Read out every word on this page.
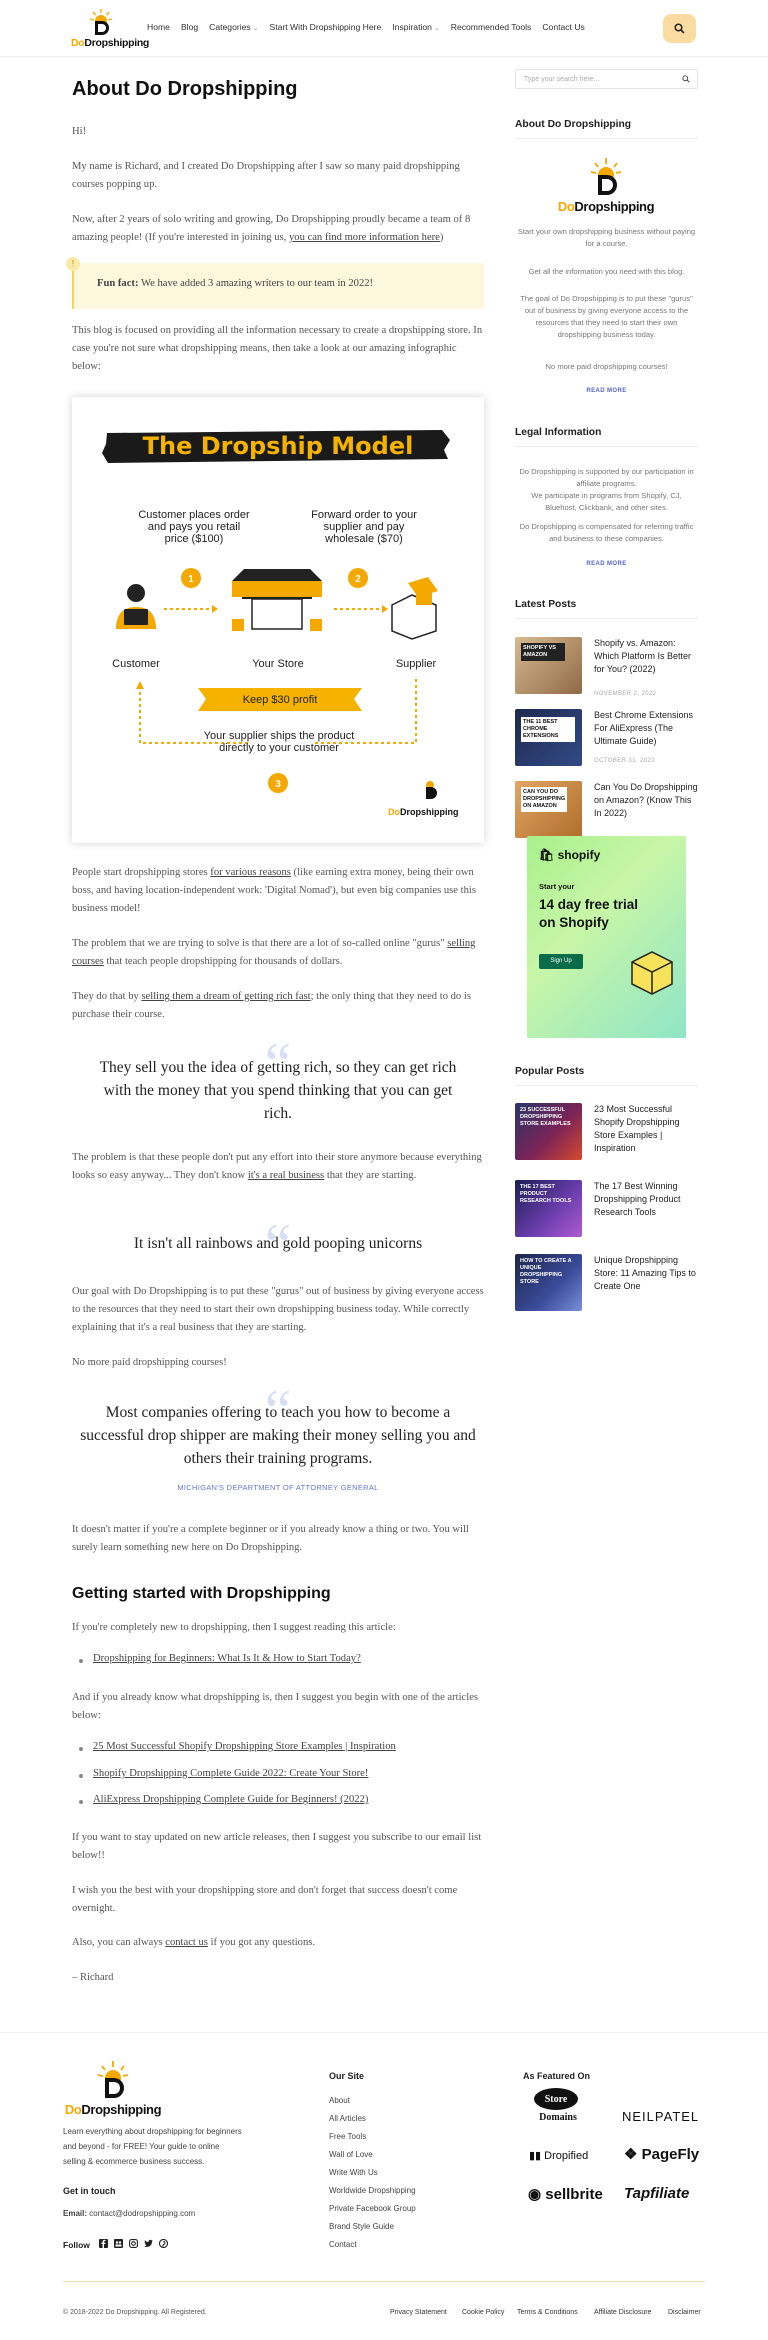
DoDropshipping
Home Blog Categories ⌄	Start With Dropshipping Here Inspiration ⌄	Recommended Tools Contact Us
About Do Dropshipping
Hi!
My name is Richard, and I created Do Dropshipping after I saw so many paid dropshipping courses popping up.
Now, after 2 years of solo writing and growing, Do Dropshipping proudly became a team of 8 amazing people! (If you're interested in joining us, you can find more information here)
!
Fun fact: We have added 3 amazing writers to our team in 2022!
This blog is focused on providing all the information necessary to create a dropshipping store. In case you're not sure what dropshipping means, then take a look at our amazing infographic below:
The Dropship Model
Customer places order
and pays you retail
price ($100)
Forward order to your
supplier and pay
wholesale ($70)
1	2
Customer	Your Store	Supplier
Keep $30 profit
Your supplier ships the product
directly to your customer
3
Do Dropshipping
People start dropshipping stores for various reasons (like earning extra money, being their own boss, and having location-independent work: 'Digital Nomad'), but even big companies use this business model!
The problem that we are trying to solve is that there are a lot of so-called online "gurus" selling courses that teach people dropshipping for thousands of dollars.
They do that by selling them a dream of getting rich fast; the only thing that they need to do is purchase their course.
“
They sell you the idea of getting rich, so they can get rich with the money that you spend thinking that you can get rich.
The problem is that these people don't put any effort into their store anymore because everything looks so easy anyway... They don't know it's a real business that they are starting.
“
It isn't all rainbows and gold pooping unicorns
Our goal with Do Dropshipping is to put these "gurus" out of business by giving everyone access to the resources that they need to start their own dropshipping business today. While correctly explaining that it's a real business that they are starting.
No more paid dropshipping courses!
“
Most companies offering to teach you how to become a successful drop shipper are making their money selling you and others their training programs.
MICHIGAN'S DEPARTMENT OF ATTORNEY GENERAL
It doesn't matter if you're a complete beginner or if you already know a thing or two. You will surely learn something new here on Do Dropshipping.
Getting started with Dropshipping
If you're completely new to dropshipping, then I suggest reading this article:
Dropshipping for Beginners: What Is It & How to Start Today?
And if you already know what dropshipping is, then I suggest you begin with one of the articles below:
25 Most Successful Shopify Dropshipping Store Examples | Inspiration
Shopify Dropshipping Complete Guide 2022: Create Your Store!
AliExpress Dropshipping Complete Guide for Beginners! (2022)
If you want to stay updated on new article releases, then I suggest you subscribe to our email list below!!
I wish you the best with your dropshipping store and don't forget that success doesn't come overnight.
Also, you can always contact us if you got any questions.
– Richard
Type your search here...
About Do Dropshipping
DoDropshipping
Start your own dropshipping business without paying for a course.
Get all the information you need with this blog.
The goal of Do Dropshipping is to put these "gurus" out of business by giving everyone access to the resources that they need to start their own dropshipping business today.
No more paid dropshipping courses!
READ MORE
Legal Information
Do Dropshipping is supported by our participation in affiliate programs.
We participate in programs from Shopify, CJ, Bluehost, Clickbank, and other sites.
Do Dropshipping is compensated for referring traffic and business to these companies.
READ MORE
Latest Posts
SHOPIFY VS AMAZON
Shopify vs. Amazon: Which Platform Is Better for You? (2022)
NOVEMBER 2, 2022
THE 11 BEST CHROME EXTENSIONS
Best Chrome Extensions For AliExpress (The Ultimate Guide)
OCTOBER 31, 2022
CAN YOU DO DROPSHIPPING ON AMAZON
Can You Do Dropshipping on Amazon? (Know This In 2022)
🛍 shopify
Start your
14 day free trial on Shopify
Sign Up
Popular Posts
23 SUCCESSFUL DROPSHIPPING STORE EXAMPLES
23 Most Successful Shopify Dropshipping Store Examples | Inspiration
THE 17 BEST PRODUCT RESEARCH TOOLS
The 17 Best Winning Dropshipping Product Research Tools
HOW TO CREATE A UNIQUE DROPSHIPPING STORE
Unique Dropshipping Store: 11 Amazing Tips to Create One
DoDropshipping
Learn everything about dropshipping for beginners and beyond - for FREE! Your guide to online selling & ecommerce business success.
Get in touch
Email: contact@dodropshipping.com
Follow
Our Site
About
All Articles
Free Tools
Wall of Love
Write With Us
Worldwide Dropshipping
Private Facebook Group
Brand Style Guide
Contact
As Featured On
Store
Domains	NEILPATEL
▮▮ Dropified ❖ PageFly
◉ sellbrite Tapfiliate
© 2018-2022 Do Dropshipping. All Registered.	Privacy Statement Cookie Policy Terms & Conditions Affiliate Disclosure Disclaimer
